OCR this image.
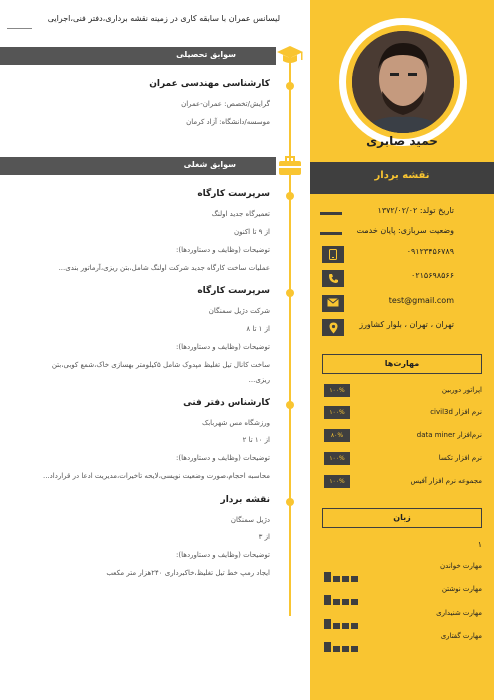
لیسانس عمران با سابقه کاری در زمینه نقشه برداری،دفتر فنی،اجرایی
سوابق تحصیلی
کارشناسی مهندسی عمران
گرایش/تخصص: عمران-عمران
موسسه/دانشگاه: آزاد کرمان
سوابق شغلی
سرپرست کارگاه
تعمیرگاه جدید اولنگ
از ۹ تا اکنون
توضیحات (وظایف و دستاوردها):
عملیات ساخت کارگاه جدید شرکت اولنگ شامل،بتن ریزی،آرماتور بندی...
سرپرست کارگاه
شرکت دژیل سمنگان
از ۱ تا ۸
توضیحات (وظایف و دستاوردها):
ساخت کانال تیل تغلیظ مپدوک شامل ۵کیلومتر بهسازی خاک،شمع کوبی،بتن
ریزی...
کارشناس دفتر فنی
ورزشگاه مس شهربابک
از ۱۰ تا ۲
توضیحات (وظایف و دستاوردها):
محاسبه احجام،صورت وضعیت نویسی،لایحه تاخیرات،مدیریت ادعا در قرارداد...
نقشه بردار
دژیل سمنگان
از ۳
توضیحات (وظایف و دستاوردها):
ایجاد رمپ خط تیل تغلیظ،خاکبرداری ۲۴۰هزار متر مکعب
حمید صابری
نقشه بردار
تاریخ تولد: ۱۳۷۲/۰۲/۰۲
وضعیت سربازی: پایان خدمت
۰۹۱۲۳۴۵۶۷۸۹
۰۲۱۵۶۹۸۵۶۶
test@gmail.com
تهران ، تهران ، بلوار کشاورز
مهارت‌ها
اپراتور دوربین
۱۰۰%
نرم افزار civil3d
۱۰۰%
نرم‌افزار data miner
۸۰%
نرم افزار تکسا
۱۰۰%
مجموعه نرم افزار آفیس
۱۰۰%
زبان
۱
مهارت خواندن
مهارت نوشتن
مهارت شنیداری
مهارت گفتاری
